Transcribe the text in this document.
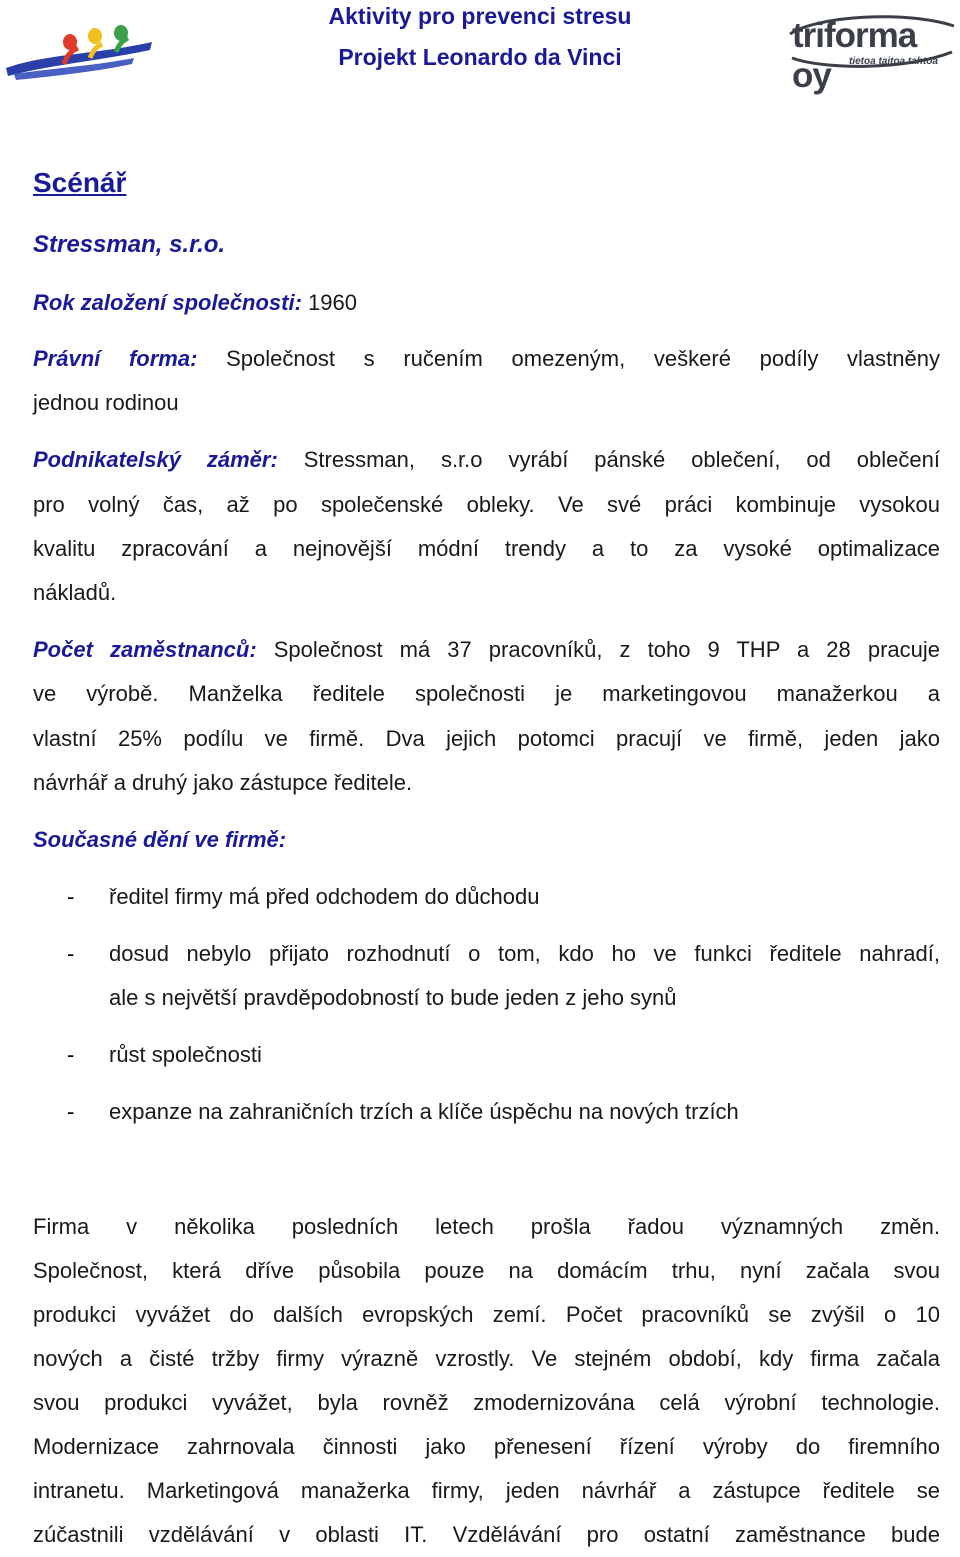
Aktivity pro prevenci stresu
Projekt Leonardo da Vinci
triforma oy	tietoa taitoa tahtoa
Scénář
Stressman, s.r.o.
Rok založení společnosti: 1960
Právní forma: Společnost s ručením omezeným, veškeré podíly vlastněny
jednou rodinou
Podnikatelský záměr: Stressman, s.r.o vyrábí pánské oblečení, od oblečení
pro volný čas, až po společenské obleky. Ve své práci kombinuje vysokou
kvalitu zpracování a nejnovější módní trendy a to za vysoké optimalizace
nákladů.
Počet zaměstnanců: Společnost má 37 pracovníků, z toho 9 THP a 28 pracuje
ve výrobě. Manželka ředitele společnosti je marketingovou manažerkou a
vlastní 25% podílu ve firmě. Dva jejich potomci pracují ve firmě, jeden jako
návrhář a druhý jako zástupce ředitele.
Současné dění ve firmě:
- ředitel firmy má před odchodem do důchodu
- dosud nebylo přijato rozhodnutí o tom, kdo ho ve funkci ředitele nahradí,
ale s největší pravděpodobností to bude jeden z jeho synů
- růst společnosti
- expanze na zahraničních trzích a klíče úspěchu na nových trzích
Firma v několika posledních letech prošla řadou významných změn.
Společnost, která dříve působila pouze na domácím trhu, nyní začala svou
produkci vyvážet do dalších evropských zemí. Počet pracovníků se zvýšil o 10
nových a čisté tržby firmy výrazně vzrostly. Ve stejném období, kdy firma začala
svou produkci vyvážet, byla rovněž zmodernizována celá výrobní technologie.
Modernizace zahrnovala činnosti jako přenesení řízení výroby do firemního
intranetu. Marketingová manažerka firmy, jeden návrhář a zástupce ředitele se
zúčastnili vzdělávání v oblasti IT. Vzdělávání pro ostatní zaměstnance bude
